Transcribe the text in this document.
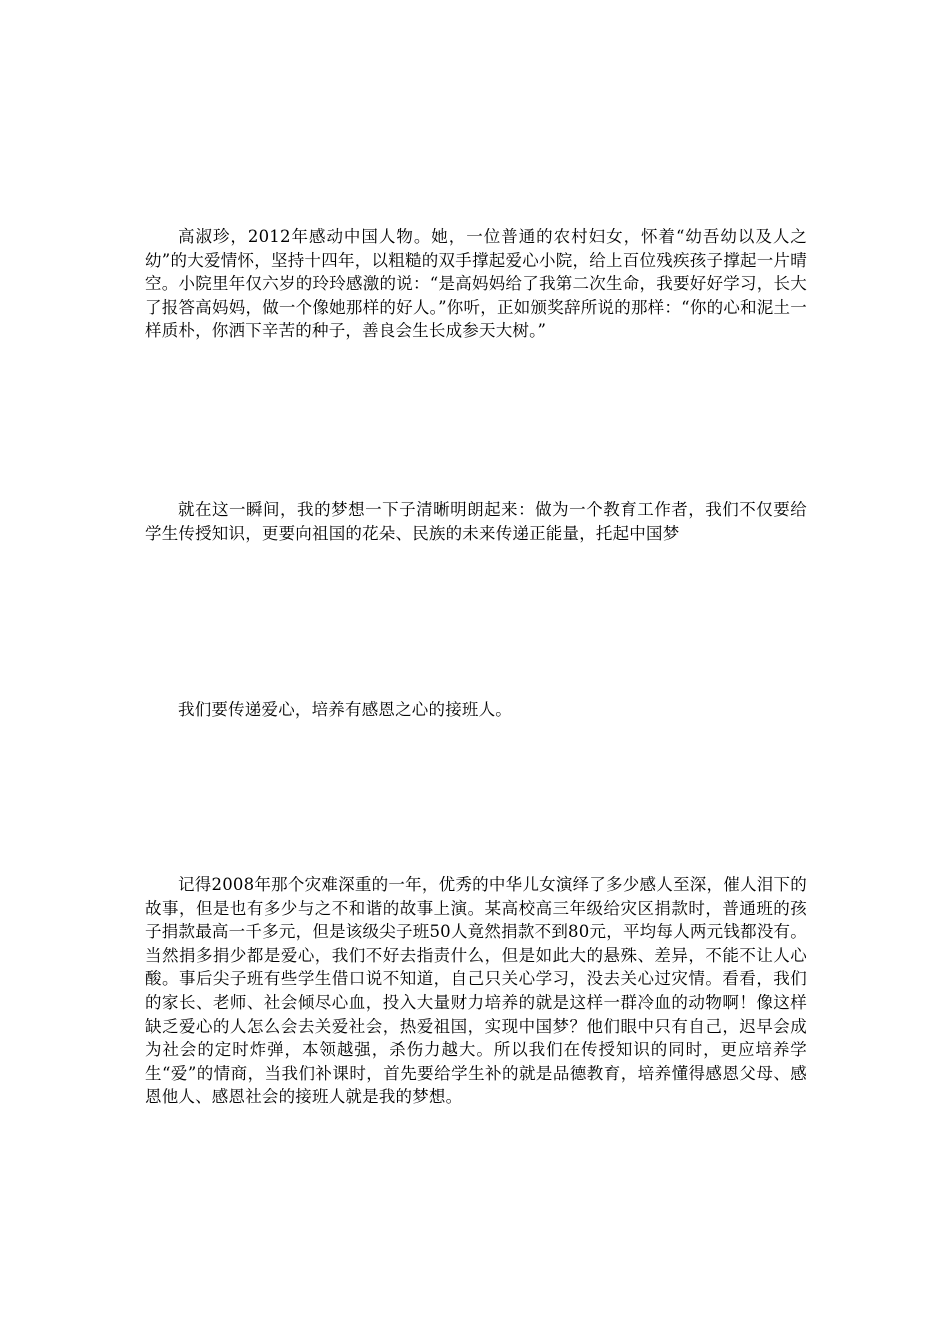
高淑珍，2012年感动中国人物。她，一位普通的农村妇女，怀着“幼吾幼以及人之幼”的大爱情怀，坚持十四年，以粗糙的双手撑起爱心小院，给上百位残疾孩子撑起一片晴空。小院里年仅六岁的玲玲感激的说：“是高妈妈给了我第二次生命，我要好好学习，长大了报答高妈妈，做一个像她那样的好人。”你听，正如颁奖辞所说的那样：“你的心和泥土一样质朴，你洒下辛苦的种子，善良会生长成参天大树。”

就在这一瞬间，我的梦想一下子清晰明朗起来：做为一个教育工作者，我们不仅要给学生传授知识，更要向祖国的花朵、民族的未来传递正能量，托起中国梦

我们要传递爱心，培养有感恩之心的接班人。

记得2008年那个灾难深重的一年，优秀的中华儿女演绎了多少感人至深，催人泪下的故事，但是也有多少与之不和谐的故事上演。某高校高三年级给灾区捐款时，普通班的孩子捐款最高一千多元，但是该级尖子班50人竟然捐款不到80元，平均每人两元钱都没有。当然捐多捐少都是爱心，我们不好去指责什么，但是如此大的悬殊、差异，不能不让人心酸。事后尖子班有些学生借口说不知道，自己只关心学习，没去关心过灾情。看看，我们的家长、老师、社会倾尽心血，投入大量财力培养的就是这样一群冷血的动物啊！像这样缺乏爱心的人怎么会去关爱社会，热爱祖国，实现中国梦？他们眼中只有自己，迟早会成为社会的定时炸弹，本领越强，杀伤力越大。所以我们在传授知识的同时，更应培养学生“爱”的情商，当我们补课时，首先要给学生补的就是品德教育，培养懂得感恩父母、感恩他人、感恩社会的接班人就是我的梦想。
